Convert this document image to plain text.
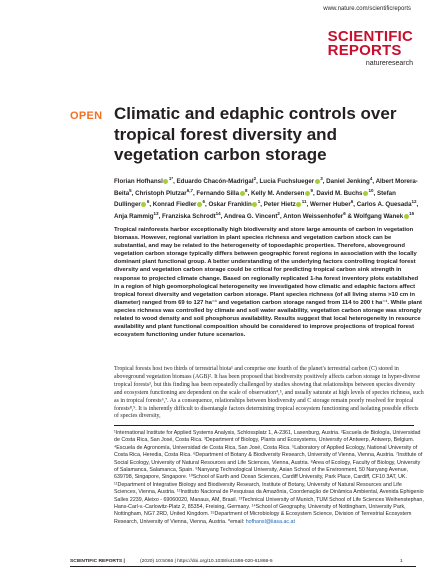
www.nature.com/scientificreports
SCIENTIFIC
REPORTS
natureresearch
OPEN Climatic and edaphic controls over tropical forest diversity and vegetation carbon storage
Florian Hofhansl $^{1*}$, Eduardo Chacón-Madrigal$^2$, Lucia Fuchslueger $^3$, Daniel Jenking$^4$, Albert Morera-Beita$^5$, Christoph Plutzar$^{6,7}$, Fernando Silla $^8$, Kelly M. Andersen $^9$, David M. Buchs $^{10}$, Stefan Dullinger $^6$, Konrad Fiedler $^6$, Oskar Franklin $^1$, Peter Hietz $^{11}$, Werner Huber$^6$, Carlos A. Quesada$^{12}$, Anja Rammig$^{13}$, Franziska Schrodt$^{14}$, Andrea G. Vincent$^2$, Anton Weissenhofer$^6$ & Wolfgang Wanek $^{15}$

Tropical rainforests harbor exceptionally high biodiversity and store large amounts of carbon in vegetation biomass. However, regional variation in plant species richness and vegetation carbon stock can be substantial, and may be related to the heterogeneity of topoedaphic properties. Therefore, aboveground vegetation carbon storage typically differs between geographic forest regions in association with the locally dominant plant functional group. A better understanding of the underlying factors controlling tropical forest diversity and vegetation carbon storage could be critical for predicting tropical carbon sink strength in response to projected climate change. Based on regionally replicated 1-ha forest inventory plots established in a region of high geomorphological heterogeneity we investigated how climatic and edaphic factors affect tropical forest diversity and vegetation carbon storage. Plant species richness (of all living stems >10 cm in diameter) ranged from 69 to 127 ha⁻¹ and vegetation carbon storage ranged from 114 to 200 t ha⁻¹. While plant species richness was controlled by climate and soil water availability, vegetation carbon storage was strongly related to wood density and soil phosphorus availability. Results suggest that local heterogeneity in resource availability and plant functional composition should be considered to improve projections of tropical forest ecosystem functioning under future scenarios.

Tropical forests host two thirds of terrestrial biota¹ and comprise one fourth of the planet's terrestrial carbon (C) stored in aboveground vegetation biomass (AGB)². It has been proposed that biodiversity positively affects carbon storage in hyper-diverse tropical forests³, but this finding has been repeatedly challenged by studies showing that relationships between species diversity and ecosystem functioning are dependent on the scale of observation⁴,⁵, and usually saturate at high levels of species richness, such as in tropical forests⁶,⁷. As a consequence, relationships between biodiversity and C storage remain poorly resolved for tropical forests⁸,⁹. It is inherently difficult to disentangle factors determining tropical ecosystem functioning and isolating possible effects of species diversity,

¹International Institute for Applied Systems Analysis, Schlossplatz 1, A-2361, Laxenburg, Austria. ²Escuela de Biología, Universidad de Costa Rica, San José, Costa Rica. ³Department of Biology, Plants and Ecosystems, University of Antwerp, Antwerp, Belgium. ⁴Escuela de Agronomía, Universidad de Costa Rica, San José, Costa Rica. ⁵Laboratory of Applied Ecology, National University of Costa Rica, Heredia, Costa Rica. ⁶Department of Botany & Biodiversity Research, University of Vienna, Vienna, Austria. ⁷Institute of Social Ecology, University of Natural Resources and Life Sciences, Vienna, Austria. ⁸Area of Ecology, Faculty of Biology, University of Salamanca, Salamanca, Spain. ⁹Nanyang Technological University, Asian School of the Environment, 50 Nanyang Avenue, 639798, Singapore, Singapore. ¹⁰School of Earth and Ocean Sciences, Cardiff University, Park Place, Cardiff, CF10 3AT, UK. ¹¹Department of Integrative Biology and Biodiversity Research, Institute of Botany, University of Natural Resources and Life Sciences, Vienna, Austria. ¹²Instituto Nacional de Pesquisas da Amazônia, Coordenação de Dinâmica Ambiental, Avenida Ephigenio Salles 2239, Aleixo - 69060020, Manaus, AM, Brasil. ¹³Technical University of Munich, TUM School of Life Sciences Weihenstephan, Hans-Carl-v.-Carlowitz-Platz 2, 85354, Freising, Germany. ¹⁴School of Geography, University of Nottingham, University Park, Nottingham, NG7 2RD, United Kingdom. ¹⁵Department of Microbiology & Ecosystem Science, Division of Terrestrial Ecosystem Research, University of Vienna, Vienna, Austria. *email: hofhansl@iiasa.ac.at

SCIENTIFIC REPORTS |	(2020) 10:5066 | https://doi.org/10.1038/s41598-020-61868-5	1
